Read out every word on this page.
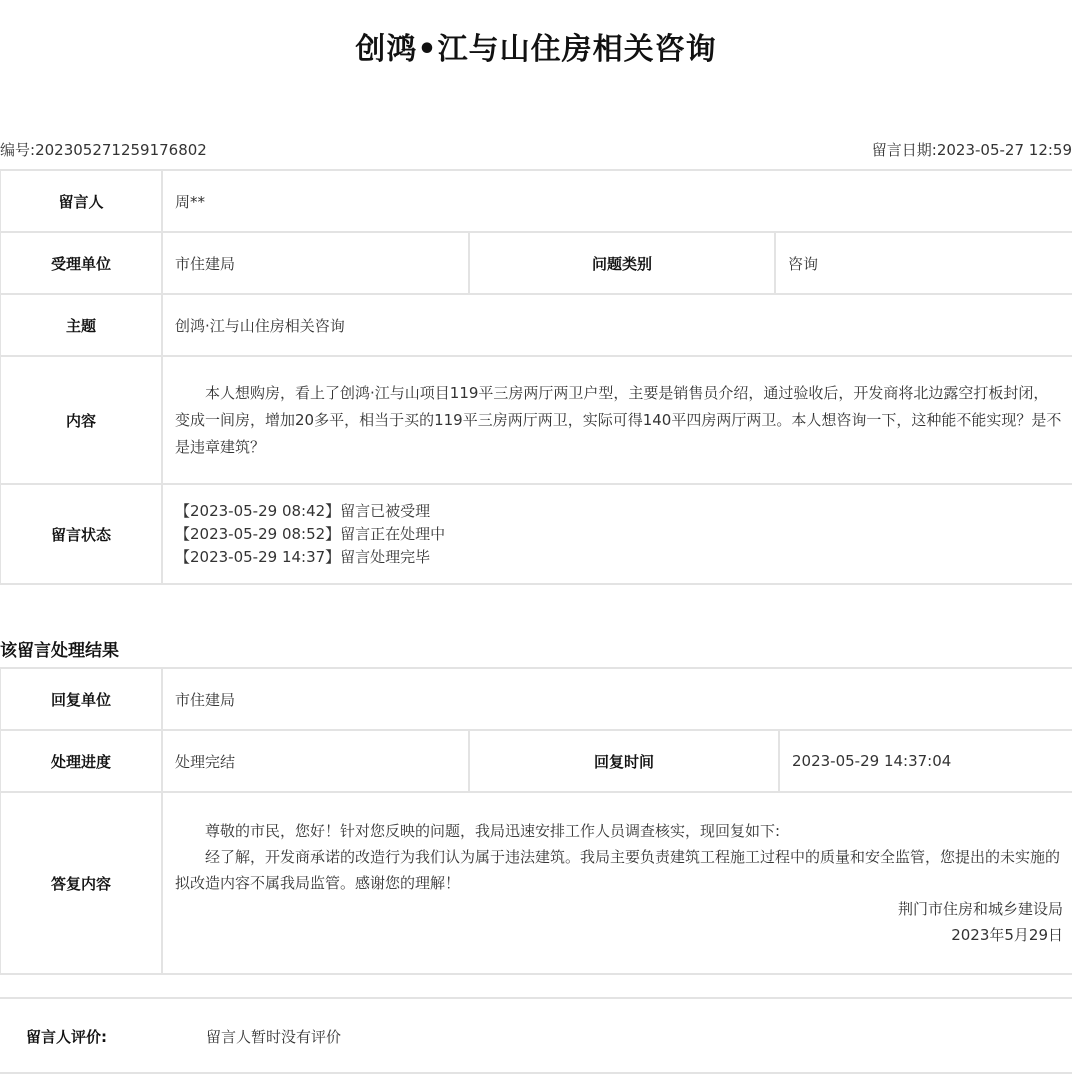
创鸿•江与山住房相关咨询
编号:202305271259176802	留言日期:2023-05-27 12:59
留言人	周**		
受理单位	市住建局	问题类别	咨询
主题	创鸿·江与山住房相关咨询		
内容	本人想购房，看上了创鸿·江与山项目119平三房两厅两卫户型，主要是销售员介绍，通过验收后，开发商将北边露空打板封闭，变成一间房，增加20多平，相当于买的119平三房两厅两卫，实际可得140平四房两厅两卫。本人想咨询一下，这种能不能实现？是不是违章建筑？		

留言状态	【2023-05-29 08:42】留言已被受理
【2023-05-29 08:52】留言正在处理中
【2023-05-29 14:37】留言处理完毕		
该留言处理结果
回复单位	市住建局		
处理进度	处理完结	回复时间	2023-05-29 14:37:04
答复内容	尊敬的市民，您好！针对您反映的问题，我局迅速安排工作人员调查核实，现回复如下:
经了解，开发商承诺的改造行为我们认为属于违法建筑。我局主要负责建筑工程施工过程中的质量和安全监管，您提出的未实施的拟改造内容不属我局监管。感谢您的理解！
荆门市住房和城乡建设局
2023年5月29日		
留言人评价:	留言人暂时没有评价
